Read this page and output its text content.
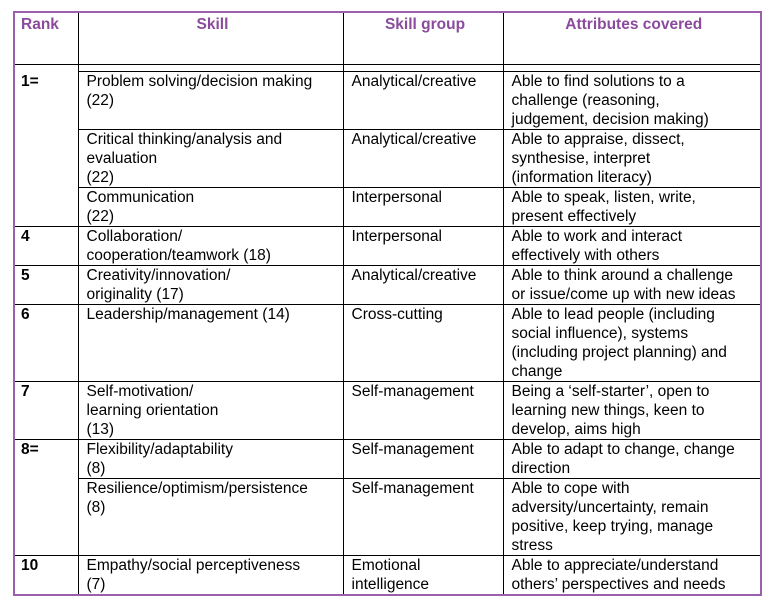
Rank	Skill	Skill group	Attributes covered

1=	Problem solving/decision making
(22)	Analytical/creative	Able to find solutions to a
challenge (reasoning,
judgement, decision making)
	Critical thinking/analysis and
evaluation
(22)	Analytical/creative	Able to appraise, dissect,
synthesise, interpret
(information literacy)
	Communication
(22)	Interpersonal	Able to speak, listen, write,
present effectively
4	Collaboration/
cooperation/teamwork (18)	Interpersonal	Able to work and interact
effectively with others
5	Creativity/innovation/
originality (17)	Analytical/creative	Able to think around a challenge
or issue/come up with new ideas
6	Leadership/management (14)	Cross-cutting	Able to lead people (including
social influence), systems
(including project planning) and
change
7	Self-motivation/
learning orientation
(13)	Self-management	Being a ‘self-starter’, open to
learning new things, keen to
develop, aims high
8=	Flexibility/adaptability
(8)	Self-management	Able to adapt to change, change
direction
	Resilience/optimism/persistence
(8)	Self-management	Able to cope with
adversity/uncertainty, remain
positive, keep trying, manage
stress
10	Empathy/social perceptiveness
(7)	Emotional
intelligence	Able to appreciate/understand
others’ perspectives and needs
